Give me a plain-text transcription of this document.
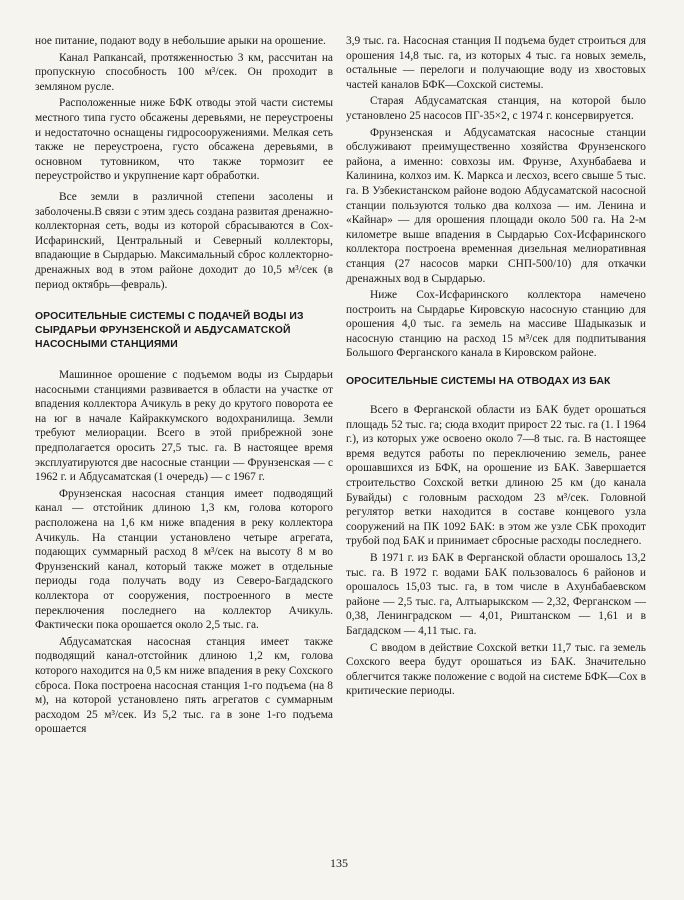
ное питание, подают воду в небольшие арыки на орошение.

Канал Рапкансай, протяженностью 3 км, рассчитан на пропускную способность 100 м³/сек. Он проходит в земляном русле.

Расположенные ниже БФК отводы этой части системы местного типа густо обсажены деревьями, не переустроены и недостаточно оснащены гидросооружениями. Мелкая сеть также не переустроена, густо обсажена деревьями, в основном тутовником, что также тормозит ее переустройство и укрупнение карт обработки.

Все земли в различной степени засолены и заболочены.В связи с этим здесь создана развитая дренажно-коллекторная сеть, воды из которой сбрасываются в Сох-Исфаринский, Центральный и Северный коллекторы, впадающие в Сырдарью. Максимальный сброс коллекторно-дренажных вод в этом районе доходит до 10,5 м³/сек (в период октябрь—февраль).

ОРОСИТЕЛЬНЫЕ СИСТЕМЫ С ПОДАЧЕЙ ВОДЫ ИЗ СЫРДАРЬИ ФРУНЗЕНСКОЙ И АБДУСАМАТСКОЙ НАСОСНЫМИ СТАНЦИЯМИ

Машинное орошение с подъемом воды из Сырдарьи насосными станциями развивается в области на участке от впадения коллектора Ачикуль в реку до крутого поворота ее на юг в начале Кайраккумского водохранилища. Земли требуют мелиорации. Всего в этой прибрежной зоне предполагается оросить 27,5 тыс. га. В настоящее время эксплуатируются две насосные станции — Фрунзенская — с 1962 г. и Абдусаматская (1 очередь) — с 1967 г.

Фрунзенская насосная станция имеет подводящий канал — отстойник длиною 1,3 км, голова которого расположена на 1,6 км ниже впадения в реку коллектора Ачикуль. На станции установлено четыре агрегата, подающих суммарный расход 8 м³/сек на высоту 8 м во Фрунзенский канал, который также может в отдельные периоды года получать воду из Северо-Багдадского коллектора от сооружения, построенного в месте переключения последнего на коллектор Ачикуль. Фактически пока орошается около 2,5 тыс. га.

Абдусаматская насосная станция имеет также подводящий канал-отстойник длиною 1,2 км, голова которого находится на 0,5 км ниже впадения в реку Сохского сброса. Пока построена насосная станция 1-го подъема (на 8 м), на которой установлено пять агрегатов с суммарным расходом 25 м³/сек. Из 5,2 тыс. га в зоне 1-го подъема орошается

3,9 тыс. га. Насосная станция II подъема будет строиться для орошения 14,8 тыс. га, из которых 4 тыс. га новых земель, остальные — перелоги и получающие воду из хвостовых частей каналов БФК—Сохской системы.

Старая Абдусаматская станция, на которой было установлено 25 насосов ПГ-35×2, с 1974 г. консервируется.

Фрунзенская и Абдусаматская насосные станции обслуживают преимущественно хозяйства Фрунзенского района, а именно: совхозы им. Фрунзе, Ахунбабаева и Калинина, колхоз им. К. Маркса и лесхоз, всего свыше 5 тыс. га. В Узбекистанском районе водою Абдусаматской насосной станции пользуются только два колхоза — им. Ленина и «Кайнар» — для орошения площади около 500 га. На 2-м километре выше впадения в Сырдарью Сох-Исфаринского коллектора построена временная дизельная мелиоративная станция (27 насосов марки СНП-500/10) для откачки дренажных вод в Сырдарью.

Ниже Сох-Исфаринского коллектора намечено построить на Сырдарье Кировскую насосную станцию для орошения 4,0 тыс. га земель на массиве Шадыказык и насосную станцию на расход 15 м³/сек для подпитывания Большого Ферганского канала в Кировском районе.

ОРОСИТЕЛЬНЫЕ СИСТЕМЫ НА ОТВОДАХ ИЗ БАК

Всего в Ферганской области из БАК будет орошаться площадь 52 тыс. га; сюда входит прирост 22 тыс. га (1. I 1964 г.), из которых уже освоено около 7—8 тыс. га. В настоящее время ведутся работы по переключению земель, ранее орошавшихся из БФК, на орошение из БАК. Завершается строительство Сохской ветки длиною 25 км (до канала Бувайды) с головным расходом 23 м³/сек. Головной регулятор ветки находится в составе концевого узла сооружений на ПК 1092 БАК: в этом же узле СБК проходит трубой под БАК и принимает сбросные расходы последнего.

В 1971 г. из БАК в Ферганской области орошалось 13,2 тыс. га. В 1972 г. водами БАК пользовалось 6 районов и орошалось 15,03 тыс. га, в том числе в Ахунбабаевском районе — 2,5 тыс. га, Алтыарыкском — 2,32, Ферганском — 0,38, Ленинградском — 4,01, Риштанском — 1,61 и в Багдадском — 4,11 тыс. га.

С вводом в действие Сохской ветки 11,7 тыс. га земель Сохского веера будут орошаться из БАК. Значительно облегчится также положение с водой на системе БФК—Сох в критические периоды.

135
